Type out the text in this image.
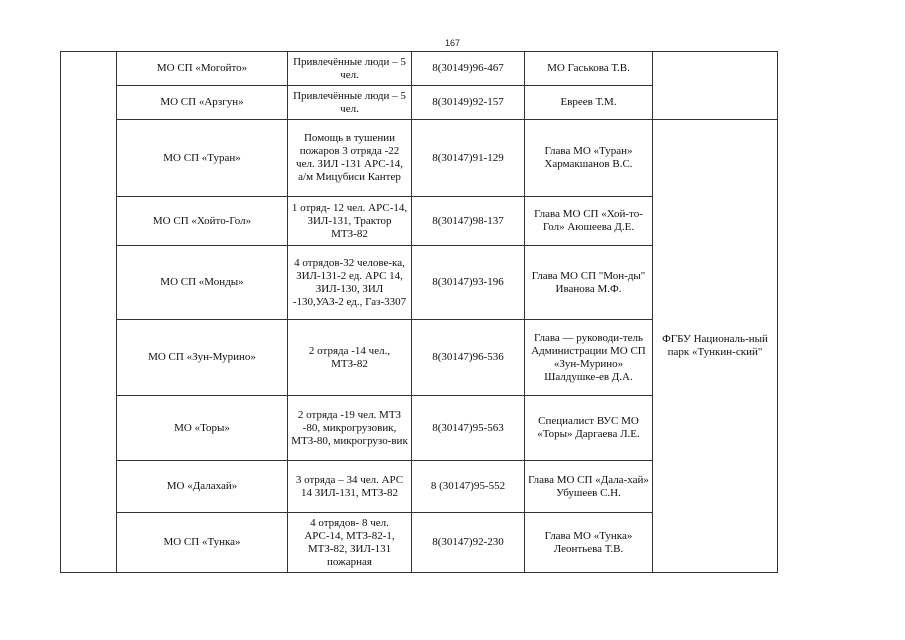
167
	МО СП «Могойто»	Привлечённые люди – 5 чел.	8(30149)96-467	МО Гаськова Т.В.	
	МО СП «Арзгун»	Привлечённые люди – 5 чел.	8(30149)92-157	Евреев Т.М.	
	МО СП «Туран»	Помощь в тушении пожаров 3 отряда -22 чел. ЗИЛ -131 АРС-14, а/м Мицубиси Кантер	8(30147)91-129	Глава МО «Туран» Хармакшанов В.С.	ФГБУ Националь-ный парк «Тункин-ский"
	МО СП «Хойто-Гол»	1 отряд- 12 чел. АРС-14, ЗИЛ-131, Трактор МТЗ-82	8(30147)98-137	Глава МО СП «Хой-то-Гол» Аюшеева Д.Е.	
	МО СП «Монды»	4 отрядов-32 челове-ка, ЗИЛ-131-2 ед. АРС 14, ЗИЛ-130, ЗИЛ -130,УАЗ-2 ед., Газ-3307	8(30147)93-196	Глава МО СП "Мон-ды" Иванова М.Ф.	
	МО СП «Зун-Мурино»	2 отряда -14 чел., МТЗ-82	8(30147)96-536	Глава — руководи-тель Администрации МО СП «Зун-Мурино» Шалдушке-ев Д.А.	
	МО «Торы»	2 отряда -19 чел. МТЗ -80, микрогрузовик, МТЗ-80, микрогрузо-вик	8(30147)95-563	Специалист ВУС МО «Торы» Даргаева Л.Е.	
	МО «Далахай»	3 отряда – 34 чел. АРС 14 ЗИЛ-131, МТЗ-82	8 (30147)95-552	Глава МО СП «Дала-хай» Убушеев С.Н.	
	МО СП «Тунка»	4 отрядов- 8 чел. АРС-14, МТЗ-82-1, МТЗ-82, ЗИЛ-131 пожарная	8(30147)92-230	Глава МО «Тунка» Леонтьева Т.В.	
